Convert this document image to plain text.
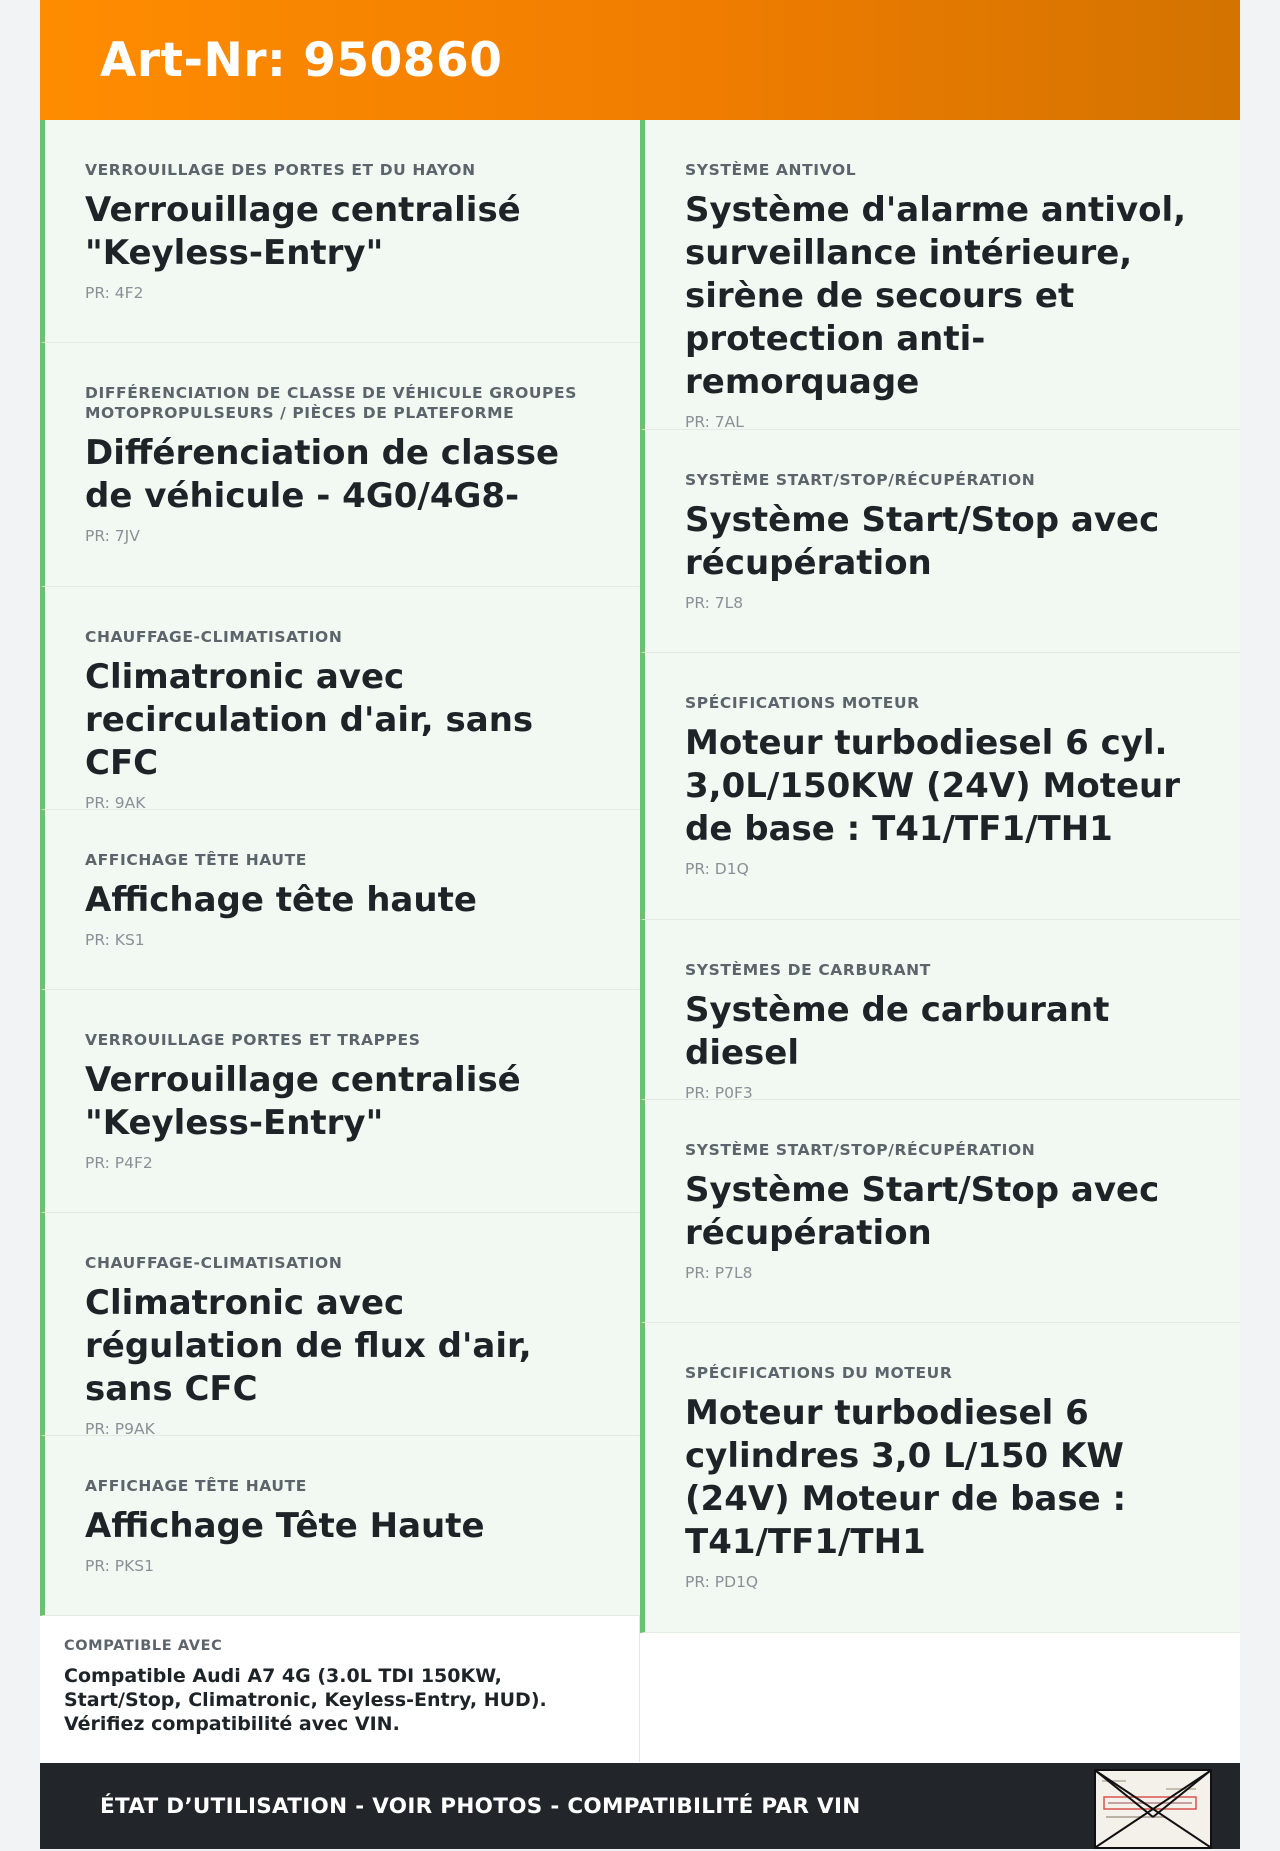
Art-Nr: 950860
VERROUILLAGE DES PORTES ET DU HAYON
Verrouillage centralisé "Keyless-Entry"
PR: 4F2
DIFFÉRENCIATION DE CLASSE DE VÉHICULE GROUPES MOTOPROPULSEURS / PIÈCES DE PLATEFORME
Différenciation de classe de véhicule - 4G0/4G8-
PR: 7JV
CHAUFFAGE-CLIMATISATION
Climatronic avec recirculation d'air, sans CFC
PR: 9AK
AFFICHAGE TÊTE HAUTE
Affichage tête haute
PR: KS1
VERROUILLAGE PORTES ET TRAPPES
Verrouillage centralisé "Keyless-Entry"
PR: P4F2
CHAUFFAGE-CLIMATISATION
Climatronic avec régulation de flux d'air, sans CFC
PR: P9AK
AFFICHAGE TÊTE HAUTE
Affichage Tête Haute
PR: PKS1
COMPATIBLE AVEC
Compatible Audi A7 4G (3.0L TDI 150KW, Start/Stop, Climatronic, Keyless-Entry, HUD). Vérifiez compatibilité avec VIN.
SYSTÈME ANTIVOL
Système d'alarme antivol, surveillance intérieure, sirène de secours et protection anti-remorquage
PR: 7AL
SYSTÈME START/STOP/RÉCUPÉRATION
Système Start/Stop avec récupération
PR: 7L8
SPÉCIFICATIONS MOTEUR
Moteur turbodiesel 6 cyl. 3,0L/150KW (24V) Moteur de base : T41/TF1/TH1
PR: D1Q
SYSTÈMES DE CARBURANT
Système de carburant diesel
PR: P0F3
SYSTÈME START/STOP/RÉCUPÉRATION
Système Start/Stop avec récupération
PR: P7L8
SPÉCIFICATIONS DU MOTEUR
Moteur turbodiesel 6 cylindres 3,0 L/150 KW (24V) Moteur de base : T41/TF1/TH1
PR: PD1Q
ÉTAT D’UTILISATION - VOIR PHOTOS - COMPATIBILITÉ PAR VIN
